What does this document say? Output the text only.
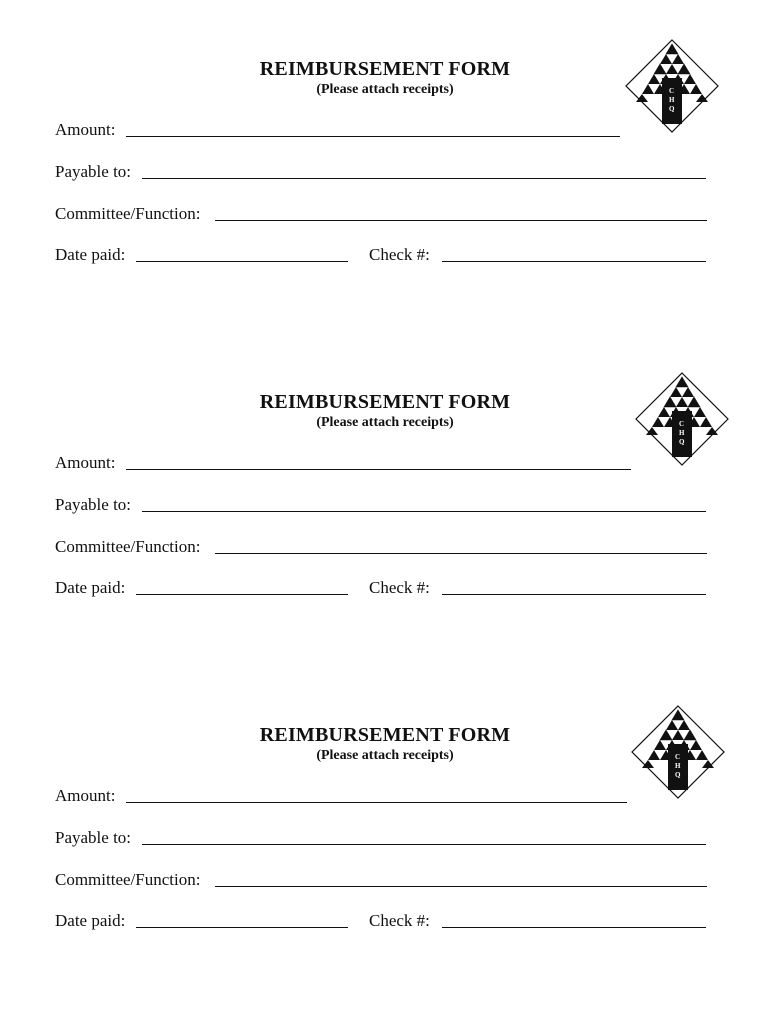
REIMBURSEMENT FORM
(Please attach receipts)	C
H
Q
Amount:
Payable to:
Committee/Function:
Date paid:	Check #:
REIMBURSEMENT FORM
(Please attach receipts)	C
H
Q
Amount:
Payable to:
Committee/Function:
Date paid:	Check #:
REIMBURSEMENT FORM
(Please attach receipts)	C
H
Q
Amount:
Payable to:
Committee/Function:
Date paid:	Check #:
